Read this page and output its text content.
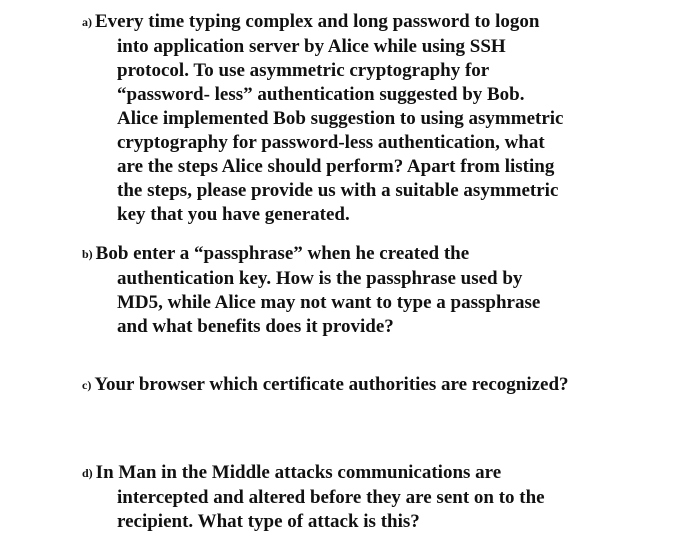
a) Every time typing complex and long password to logon
into application server by Alice while using SSH
protocol. To use asymmetric cryptography for
“password- less” authentication suggested by Bob.
Alice implemented Bob suggestion to using asymmetric
cryptography for password-less authentication, what
are the steps Alice should perform? Apart from listing
the steps, please provide us with a suitable asymmetric
key that you have generated.
b) Bob enter a “passphrase” when he created the
authentication key. How is the passphrase used by
MD5, while Alice may not want to type a passphrase
and what benefits does it provide?
c) Your browser which certificate authorities are recognized?
d) In Man in the Middle attacks communications are
intercepted and altered before they are sent on to the
recipient. What type of attack is this?
